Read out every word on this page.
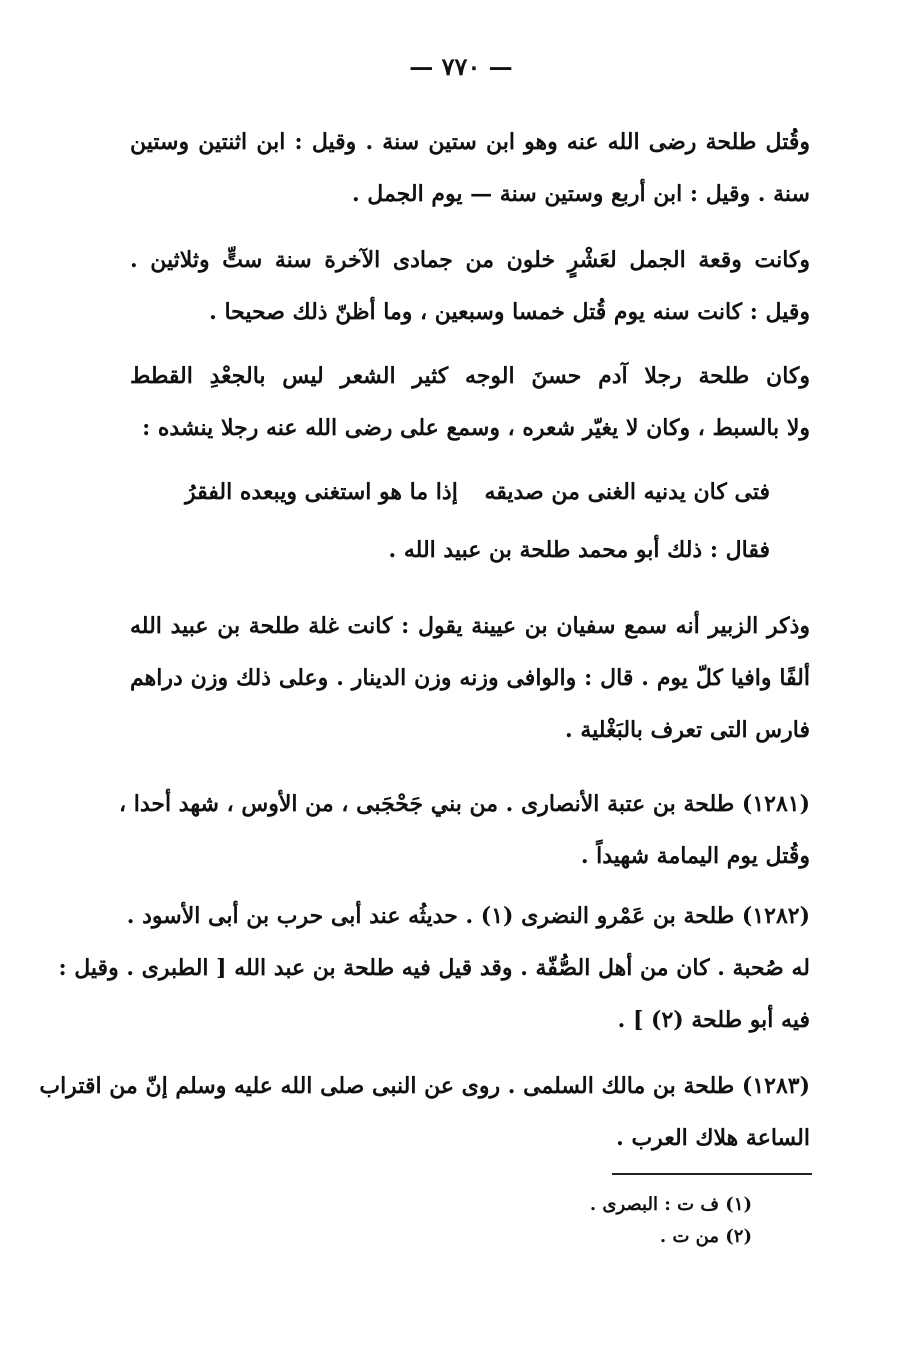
— ٧٧٠ —
وقُتل طلحة رضى الله عنه وهو ابن ستين سنة . وقيل : ابن اثنتين وستين
سنة . وقيل : ابن أربع وستين سنة — يوم الجمل .
وكانت وقعة الجمل لعَشْرٍ خلون من جمادى الآخرة سنة ستٍّ وثلاثين .
وقيل : كانت سنه يوم قُتل خمسا وسبعين ، وما أظنّ ذلك صحيحا .
وكان طلحة رجلا آدم حسنَ الوجه كثير الشعر ليس بالجعْدِ القطط
ولا بالسبط ، وكان لا يغيّر شعره ، وسمع على رضى الله عنه رجلا ينشده :
فتى كان يدنيه الغنى من صديقه
إذا ما هو استغنى ويبعده الفقرُ
فقال : ذلك أبو محمد طلحة بن عبيد الله .
وذكر الزبير أنه سمع سفيان بن عيينة يقول : كانت غلة طلحة بن عبيد الله
ألفًا وافيا كلّ يوم . قال : والوافى وزنه وزن الدينار . وعلى ذلك وزن دراهم
فارس التى تعرف بالبَغْلية .
(١٢٨١) طلحة بن عتبة الأنصارى . من بني جَحْجَبى ، من الأوس ، شهد أحدا ،
وقُتل يوم اليمامة شهيداً .
(١٢٨٢) طلحة بن عَمْرو النضرى (١) . حديثُه عند أبى حرب بن أبى الأسود .
له صُحبة . كان من أهل الصُّفّة . وقد قيل فيه طلحة بن عبد الله [ الطبرى . وقيل :
فيه أبو طلحة (٢) ] .
(١٢٨٣) طلحة بن مالك السلمى . روى عن النبى صلى الله عليه وسلم إنّ من اقتراب
الساعة هلاك العرب .
(١) ف ت : البصرى .
(٢) من ت .
